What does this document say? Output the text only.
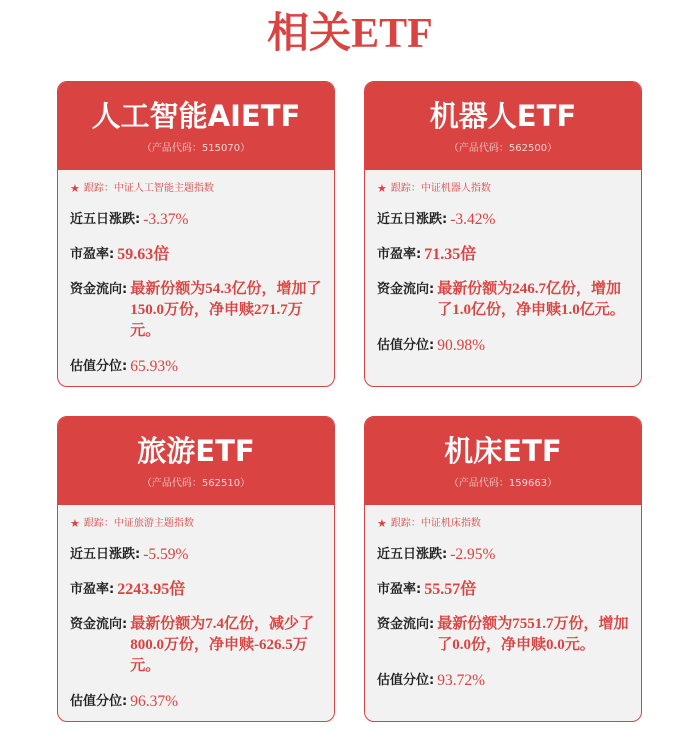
相关ETF
人工智能AIETF
（产品代码：515070）
★ 跟踪：中证人工智能主题指数
近五日涨跌: -3.37%
市盈率: 59.63倍
资金流向: 最新份额为54.3亿份，增加了150.0万份，净申赎271.7万元。
估值分位: 65.93%
机器人ETF
（产品代码：562500）
★ 跟踪：中证机器人指数
近五日涨跌: -3.42%
市盈率: 71.35倍
资金流向: 最新份额为246.7亿份，增加了1.0亿份，净申赎1.0亿元。
估值分位: 90.98%
旅游ETF
（产品代码：562510）
★ 跟踪：中证旅游主题指数
近五日涨跌: -5.59%
市盈率: 2243.95倍
资金流向: 最新份额为7.4亿份，减少了800.0万份，净申赎-626.5万元。
估值分位: 96.37%
机床ETF
（产品代码：159663）
★ 跟踪：中证机床指数
近五日涨跌: -2.95%
市盈率: 55.57倍
资金流向: 最新份额为7551.7万份，增加了0.0份，净申赎0.0元。
估值分位: 93.72%
